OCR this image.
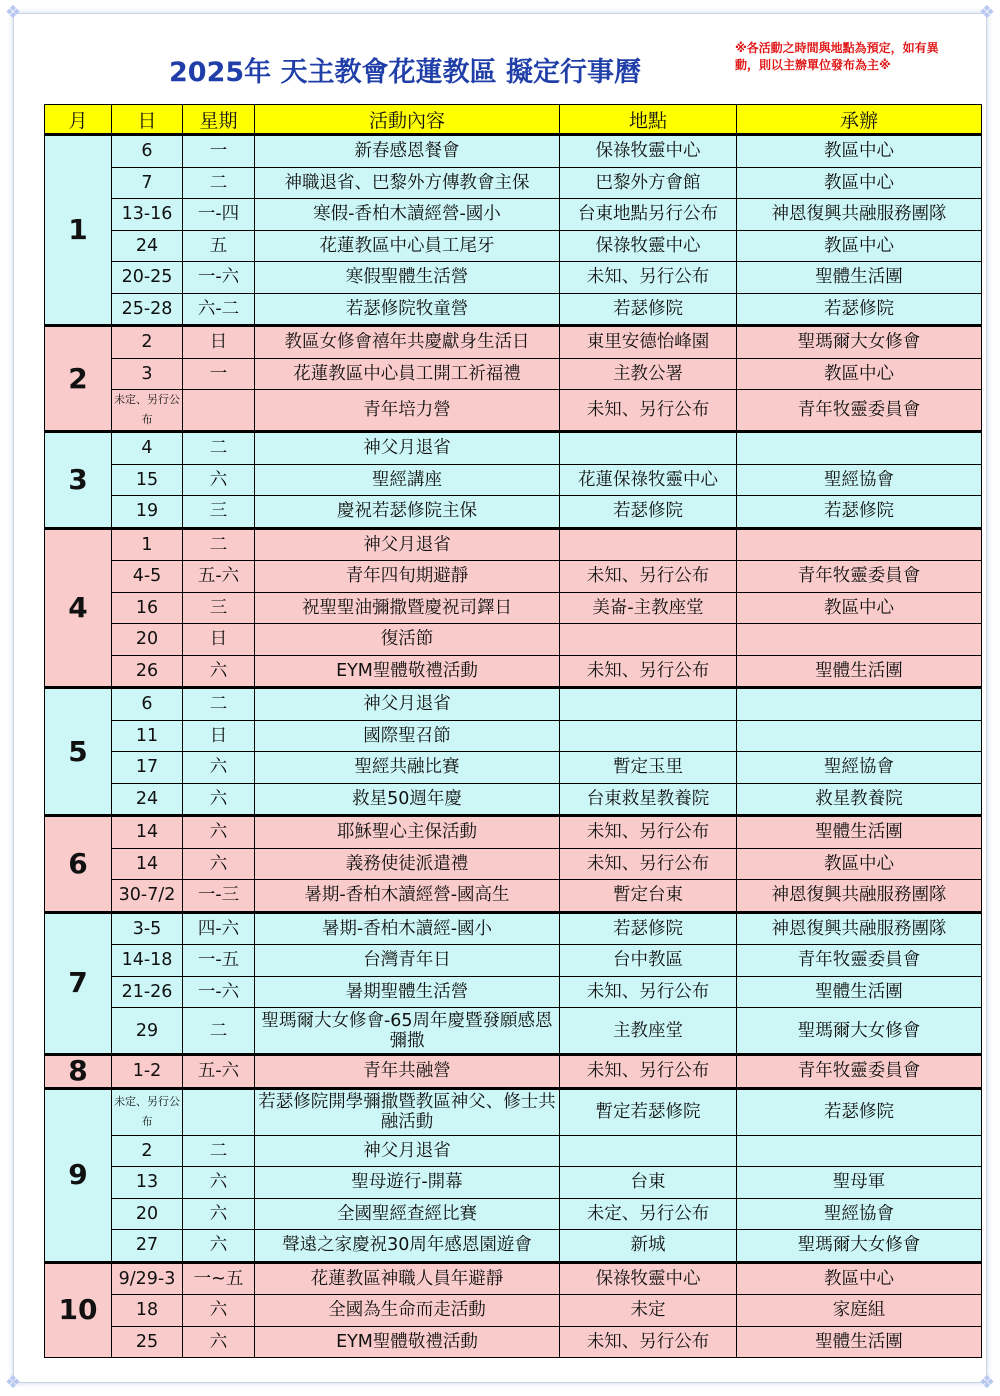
❖	❖
❖	❖
2025年 天主教會花蓮教區 擬定行事曆
※各活動之時間與地點為預定，如有異動，則以主辦單位發布為主※
月	日	星期	活動內容	地點	承辦
1	6	一	新春感恩餐會	保祿牧靈中心	教區中心
	7	二	神職退省、巴黎外方傳教會主保	巴黎外方會館	教區中心
	13-16	一-四	寒假-香柏木讀經營-國小	台東地點另行公布	神恩復興共融服務團隊
	24	五	花蓮教區中心員工尾牙	保祿牧靈中心	教區中心
	20-25	一-六	寒假聖體生活營	未知、另行公布	聖體生活團
	25-28	六-二	若瑟修院牧童營	若瑟修院	若瑟修院
2	2	日	教區女修會禧年共慶獻身生活日	東里安德怡峰園	聖瑪爾大女修會
	3	一	花蓮教區中心員工開工祈福禮	主教公署	教區中心
	未定、另行公布		青年培力營	未知、另行公布	青年牧靈委員會
3	4	二	神父月退省		
	15	六	聖經講座	花蓮保祿牧靈中心	聖經協會
	19	三	慶祝若瑟修院主保	若瑟修院	若瑟修院
4	1	二	神父月退省		
	4-5	五-六	青年四旬期避靜	未知、另行公布	青年牧靈委員會
	16	三	祝聖聖油彌撒暨慶祝司鐸日	美崙-主教座堂	教區中心
	20	日	復活節		
	26	六	EYM聖體敬禮活動	未知、另行公布	聖體生活團
5	6	二	神父月退省		
	11	日	國際聖召節		
	17	六	聖經共融比賽	暫定玉里	聖經協會
	24	六	救星50週年慶	台東救星教養院	救星教養院
6	14	六	耶穌聖心主保活動	未知、另行公布	聖體生活團
	14	六	義務使徒派遣禮	未知、另行公布	教區中心
	30-7/2	一-三	暑期-香柏木讀經營-國高生	暫定台東	神恩復興共融服務團隊
7	3-5	四-六	暑期-香柏木讀經-國小	若瑟修院	神恩復興共融服務團隊
	14-18	一-五	台灣青年日	台中教區	青年牧靈委員會
	21-26	一-六	暑期聖體生活營	未知、另行公布	聖體生活團
	29	二	聖瑪爾大女修會-65周年慶暨發願感恩彌撒	主教座堂	聖瑪爾大女修會
8	1-2	五-六	青年共融營	未知、另行公布	青年牧靈委員會
9	未定、另行公布		若瑟修院開學彌撒暨教區神父、修士共融活動	暫定若瑟修院	若瑟修院
	2	二	神父月退省		
	13	六	聖母遊行-開幕	台東	聖母軍
	20	六	全國聖經查經比賽	未定、另行公布	聖經協會
	27	六	聲遠之家慶祝30周年感恩園遊會	新城	聖瑪爾大女修會
10	9/29-3	一~五	花蓮教區神職人員年避靜	保祿牧靈中心	教區中心
	18	六	全國為生命而走活動	未定	家庭組
	25	六	EYM聖體敬禮活動	未知、另行公布	聖體生活團
